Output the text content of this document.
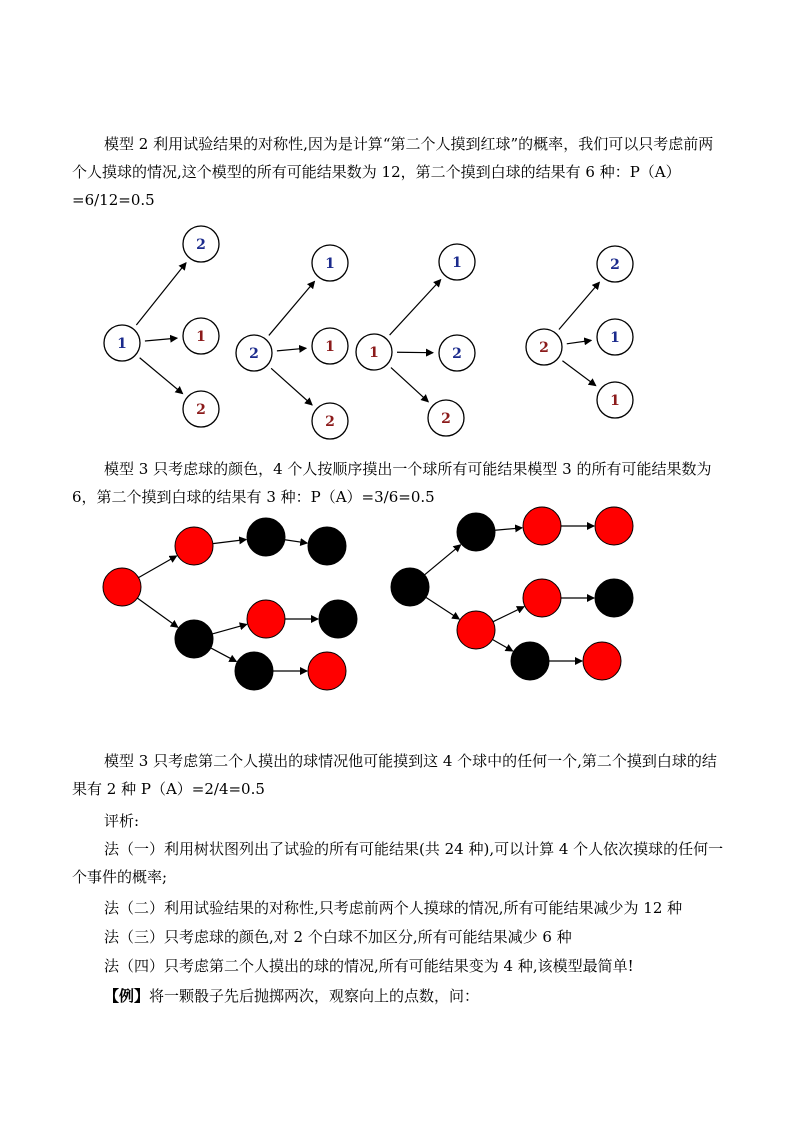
模型 2 利用试验结果的对称性,因为是计算“第二个人摸到红球”的概率，我们可以只考虑前两个人摸球的情况,这个模型的所有可能结果数为 12，第二个摸到白球的结果有 6 种：P（A）=6/12=0.5

1
2
1
2
2
1
1
2
1
1
2
2
2
2
1
1

模型 3 只考虑球的颜色，4 个人按顺序摸出一个球所有可能结果模型 3 的所有可能结果数为 6，第二个摸到白球的结果有 3 种：P（A）=3/6=0.5

模型 3 只考虑第二个人摸出的球情况他可能摸到这 4 个球中的任何一个,第二个摸到白球的结果有 2 种 P（A）=2/4=0.5

评析:

法（一）利用树状图列出了试验的所有可能结果(共 24 种),可以计算 4 个人依次摸球的任何一个事件的概率;

法（二）利用试验结果的对称性,只考虑前两个人摸球的情况,所有可能结果减少为 12 种

法（三）只考虑球的颜色,对 2 个白球不加区分,所有可能结果减少 6 种

法（四）只考虑第二个人摸出的球的情况,所有可能结果变为 4 种,该模型最简单!

【例】将一颗骰子先后抛掷两次，观察向上的点数，问：
